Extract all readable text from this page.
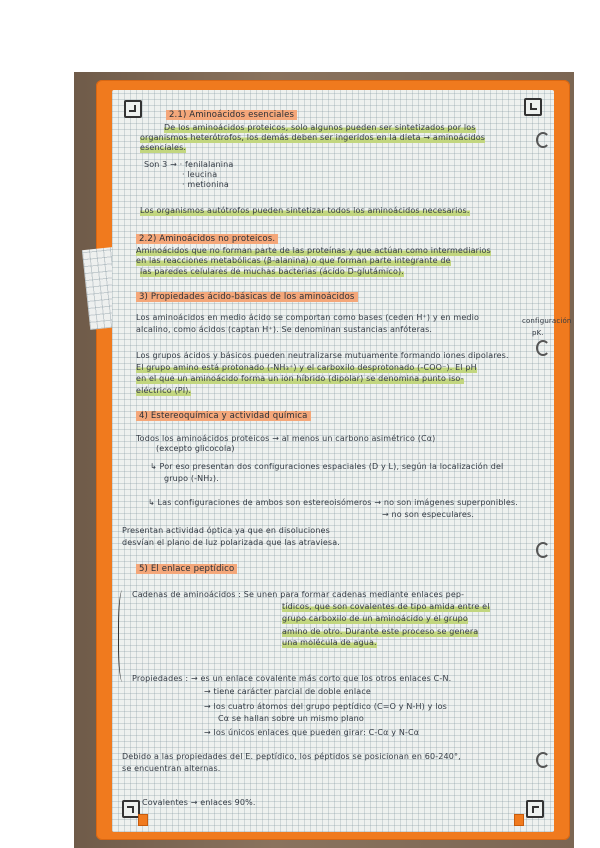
2.1) Aminoácidos esenciales
De los aminoácidos proteicos, solo algunos pueden ser sintetizados por los
organismos heterótrofos, los demás deben ser ingeridos en la dieta → aminoácidos
esenciales.
Son 3 → · fenilalanina
· leucina
· metionina
Los organismos autótrofos pueden sintetizar todos los aminoácidos necesarios.
2.2) Aminoácidos no proteicos.
Aminoácidos que no forman parte de las proteínas y que actúan como intermediarios
en las reacciones metabólicas (β-alanina) o que forman parte integrante de
las paredes celulares de muchas bacterias (ácido D-glutámico).
3) Propiedades ácido-básicas de los aminoácidos
Los aminoácidos en medio ácido se comportan como bases (ceden H⁺) y en medio
alcalino, como ácidos (captan H⁺). Se denominan sustancias anfóteras.
Los grupos ácidos y básicos pueden neutralizarse mutuamente formando iones dipolares.
El grupo amino está protonado (-NH₃⁺) y el carboxilo desprotonado (-COO⁻). El pH
en el que un aminoácido forma un ion híbrido (dipolar) se denomina punto iso-
eléctrico (PI).
4) Estereoquímica y actividad química
Todos los aminoácidos proteicos → al menos un carbono asimétrico (Cα)
(excepto glicocola)
↳ Por eso presentan dos configuraciones espaciales (D y L), según la localización del
grupo (-NH₂).
↳ Las configuraciones de ambos son estereoisómeros → no son imágenes superponibles.
→ no son especulares.
Presentan actividad óptica ya que en disoluciones
desvían el plano de luz polarizada que las atraviesa.
5) El enlace peptídico
Cadenas de aminoácidos : Se unen para formar cadenas mediante enlaces pep-
tídicos, que son covalentes de tipo amida entre el
grupo carboxilo de un aminoácido y el grupo
amino de otro. Durante este proceso se genera
una molécula de agua.
Propiedades : → es un enlace covalente más corto que los otros enlaces C-N.
→ tiene carácter parcial de doble enlace
→ los cuatro átomos del grupo peptídico (C=O y N-H) y los
Cα se hallan sobre un mismo plano
→ los únicos enlaces que pueden girar: C-Cα y N-Cα
Debido a las propiedades del E. peptídico, los péptidos se posicionan en 60-240°,
se encuentran alternas.
Covalentes → enlaces 90%.
configuración
pK.
